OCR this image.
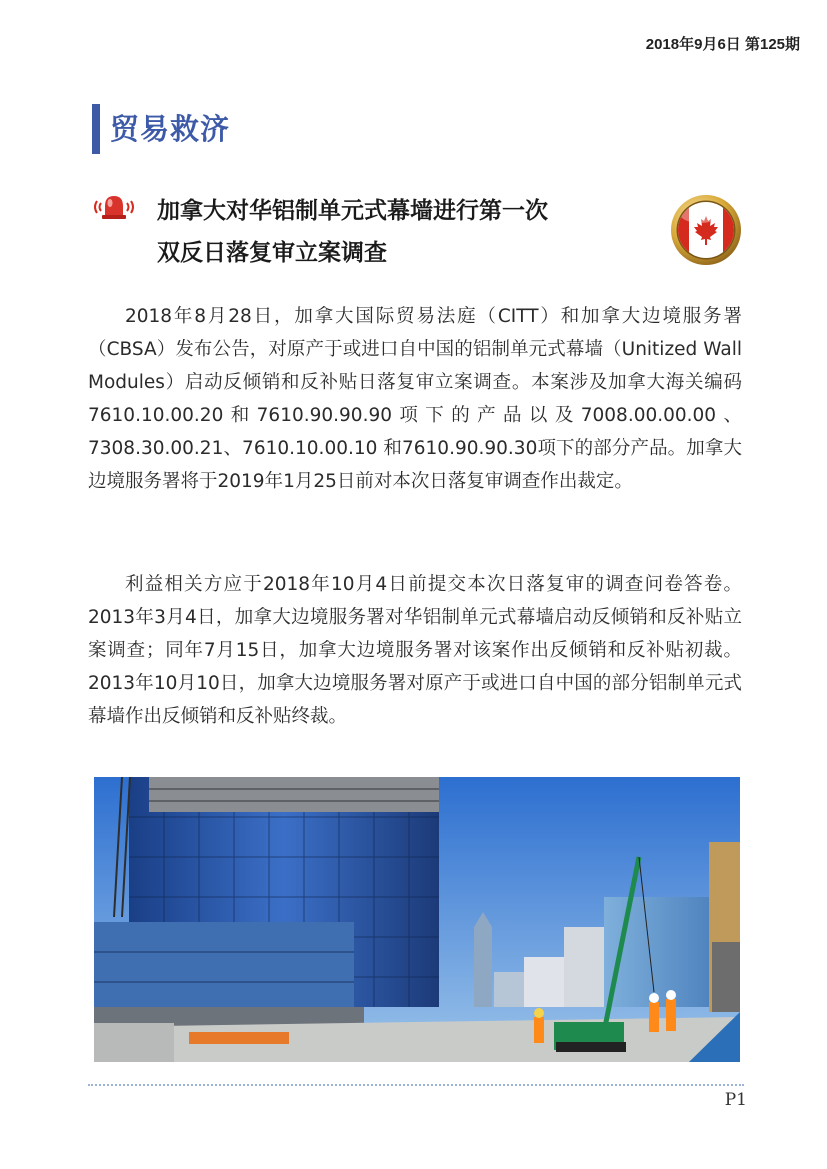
2018年9月6日 第125期
贸易救济
加拿大对华铝制单元式幕墙进行第一次
双反日落复审立案调查

2018年8月28日，加拿大国际贸易法庭（CITT）和加拿大边境服务署（CBSA）发布公告，对原产于或进口自中国的铝制单元式幕墙（Unitized Wall Modules）启动反倾销和反补贴日落复审立案调查。本案涉及加拿大海关编码7610.10.00.20和7610.90.90.90项下的产品以及7008.00.00.00、7308.30.00.21、7610.10.00.10 和7610.90.90.30项下的部分产品。加拿大边境服务署将于2019年1月25日前对本次日落复审调查作出裁定。

利益相关方应于2018年10月4日前提交本次日落复审的调查问卷答卷。2013年3月4日，加拿大边境服务署对华铝制单元式幕墙启动反倾销和反补贴立案调查；同年7月15日，加拿大边境服务署对该案作出反倾销和反补贴初裁。2013年10月10日，加拿大边境服务署对原产于或进口自中国的部分铝制单元式幕墙作出反倾销和反补贴终裁。

P1
